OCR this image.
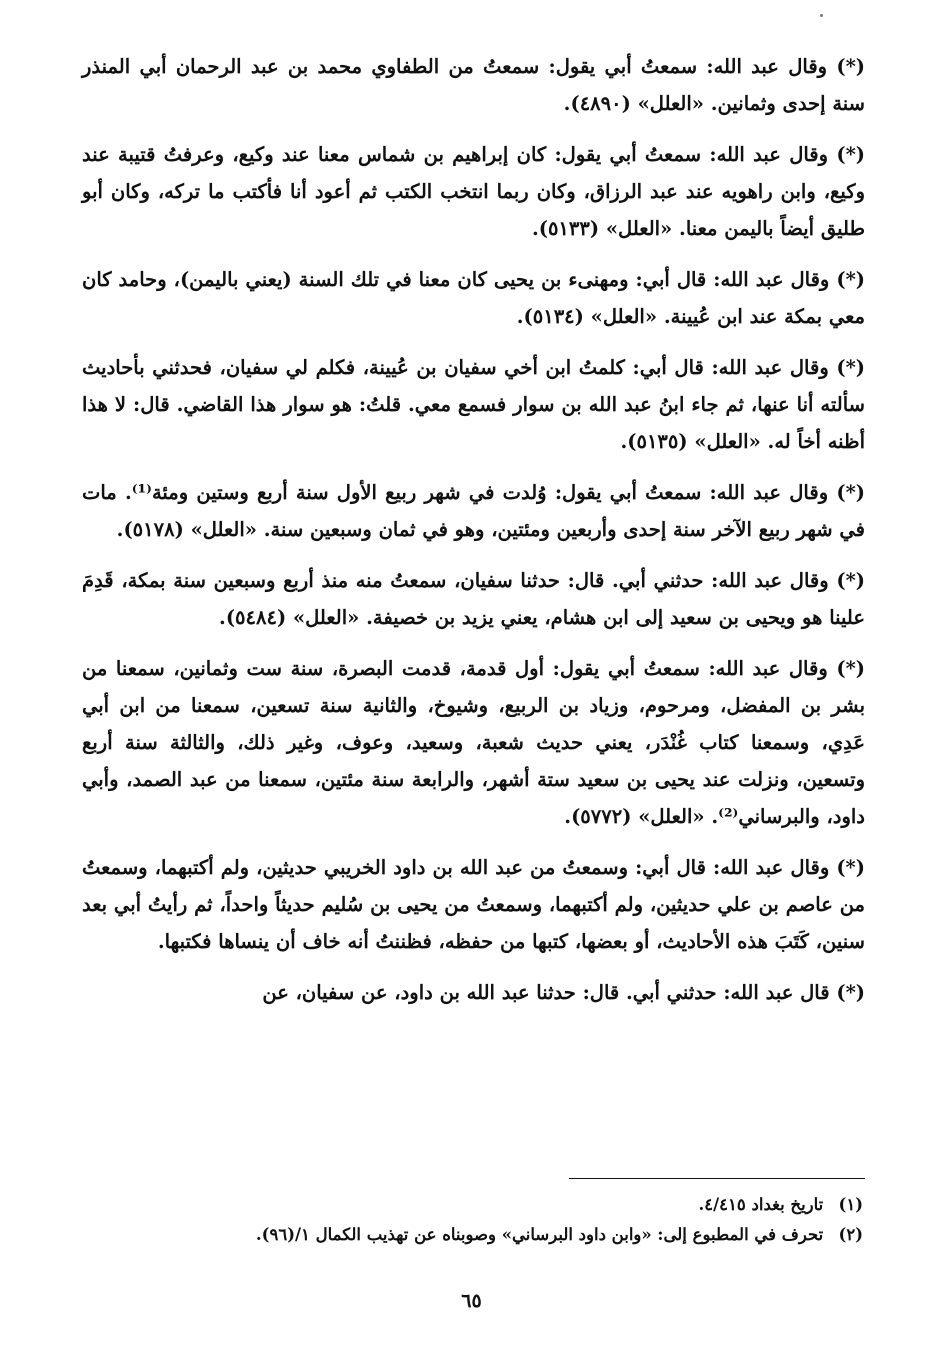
(*) وقال عبد الله: سمعتُ أبي يقول: سمعتُ من الطفاوي محمد بن عبد الرحمان أبي المنذر سنة إحدى وثمانين. «العلل» (٤٨٩٠).

(*) وقال عبد الله: سمعتُ أبي يقول: كان إبراهيم بن شماس معنا عند وكيع، وعرفتُ قتيبة عند وكيع، وابن راهويه عند عبد الرزاق، وكان ربما انتخب الكتب ثم أعود أنا فأكتب ما تركه، وكان أبو طليق أيضاً باليمن معنا. «العلل» (٥١٣٣).

(*) وقال عبد الله: قال أبي: ومهنىء بن يحيى كان معنا في تلك السنة (يعني باليمن)، وحامد كان معي بمكة عند ابن عُيينة. «العلل» (٥١٣٤).

(*) وقال عبد الله: قال أبي: كلمتُ ابن أخي سفيان بن عُيينة، فكلم لي سفيان، فحدثني بأحاديث سألته أنا عنها، ثم جاء ابنُ عبد الله بن سوار فسمع معي. قلتُ: هو سوار هذا القاضي. قال: لا هذا أظنه أخاً له. «العلل» (٥١٣٥).

(*) وقال عبد الله: سمعتُ أبي يقول: وُلدت في شهر ربيع الأول سنة أربع وستين ومئة⁽¹⁾. مات في شهر ربيع الآخر سنة إحدى وأربعين ومئتين، وهو في ثمان وسبعين سنة. «العلل» (٥١٧٨).

(*) وقال عبد الله: حدثني أبي. قال: حدثنا سفيان، سمعتُ منه منذ أربع وسبعين سنة بمكة، قَدِمَ علينا هو ويحيى بن سعيد إلى ابن هشام، يعني يزيد بن خصيفة. «العلل» (٥٤٨٤).

(*) وقال عبد الله: سمعتُ أبي يقول: أول قدمة، قدمت البصرة، سنة ست وثمانين، سمعنا من بشر بن المفضل، ومرحوم، وزياد بن الربيع، وشيوخ، والثانية سنة تسعين، سمعنا من ابن أبي عَدِي، وسمعنا كتاب غُنْدَر، يعني حديث شعبة، وسعيد، وعوف، وغير ذلك، والثالثة سنة أربع وتسعين، ونزلت عند يحيى بن سعيد ستة أشهر، والرابعة سنة مئتين، سمعنا من عبد الصمد، وأبي داود، والبرساني⁽²⁾. «العلل» (٥٧٧٢).

(*) وقال عبد الله: قال أبي: وسمعتُ من عبد الله بن داود الخريبي حديثين، ولم أكتبهما، وسمعتُ من عاصم بن علي حديثين، ولم أكتبهما، وسمعتُ من يحيى بن سُليم حديثاً واحداً، ثم رأيتُ أبي بعد سنين، كَتَبَ هذه الأحاديث، أو بعضها، كتبها من حفظه، فظننتُ أنه خاف أن ينساها فكتبها.

(*) قال عبد الله: حدثني أبي. قال: حدثنا عبد الله بن داود، عن سفيان، عن

(١) تاريخ بغداد ٤/٤١٥.
(٢) تحرف في المطبوع إلى: «وابن داود البرساني» وصوبناه عن تهذيب الكمال ١/(٩٦).
٦٥
